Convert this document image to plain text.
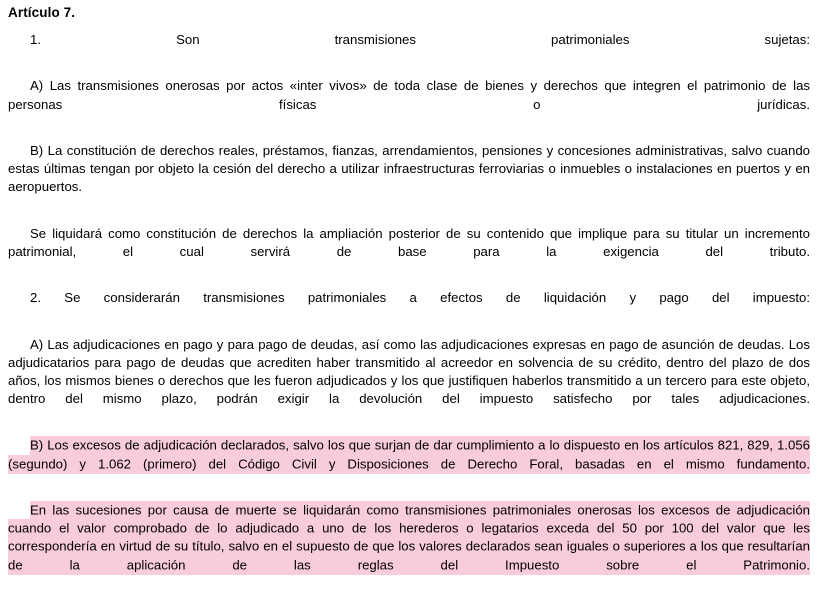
Artículo 7.

1. Son transmisiones patrimoniales sujetas:

A) Las transmisiones onerosas por actos «inter vivos» de toda clase de bienes y derechos que integren el patrimonio de las personas físicas o jurídicas.

B) La constitución de derechos reales, préstamos, fianzas, arrendamientos, pensiones y concesiones administrativas, salvo cuando estas últimas tengan por objeto la cesión del derecho a utilizar infraestructuras ferroviarias o inmuebles o instalaciones en puertos y en aeropuertos.

Se liquidará como constitución de derechos la ampliación posterior de su contenido que implique para su titular un incremento patrimonial, el cual servirá de base para la exigencia del tributo.

2. Se considerarán transmisiones patrimoniales a efectos de liquidación y pago del impuesto:

A) Las adjudicaciones en pago y para pago de deudas, así como las adjudicaciones expresas en pago de asunción de deudas. Los adjudicatarios para pago de deudas que acrediten haber transmitido al acreedor en solvencia de su crédito, dentro del plazo de dos años, los mismos bienes o derechos que les fueron adjudicados y los que justifiquen haberlos transmitido a un tercero para este objeto, dentro del mismo plazo, podrán exigir la devolución del impuesto satisfecho por tales adjudicaciones.

B) Los excesos de adjudicación declarados, salvo los que surjan de dar cumplimiento a lo dispuesto en los artículos 821, 829, 1.056 (segundo) y 1.062 (primero) del Código Civil y Disposiciones de Derecho Foral, basadas en el mismo fundamento.

En las sucesiones por causa de muerte se liquidarán como transmisiones patrimoniales onerosas los excesos de adjudicación cuando el valor comprobado de lo adjudicado a uno de los herederos o legatarios exceda del 50 por 100 del valor que les correspondería en virtud de su título, salvo en el supuesto de que los valores declarados sean iguales o superiores a los que resultarían de la aplicación de las reglas del Impuesto sobre el Patrimonio.
